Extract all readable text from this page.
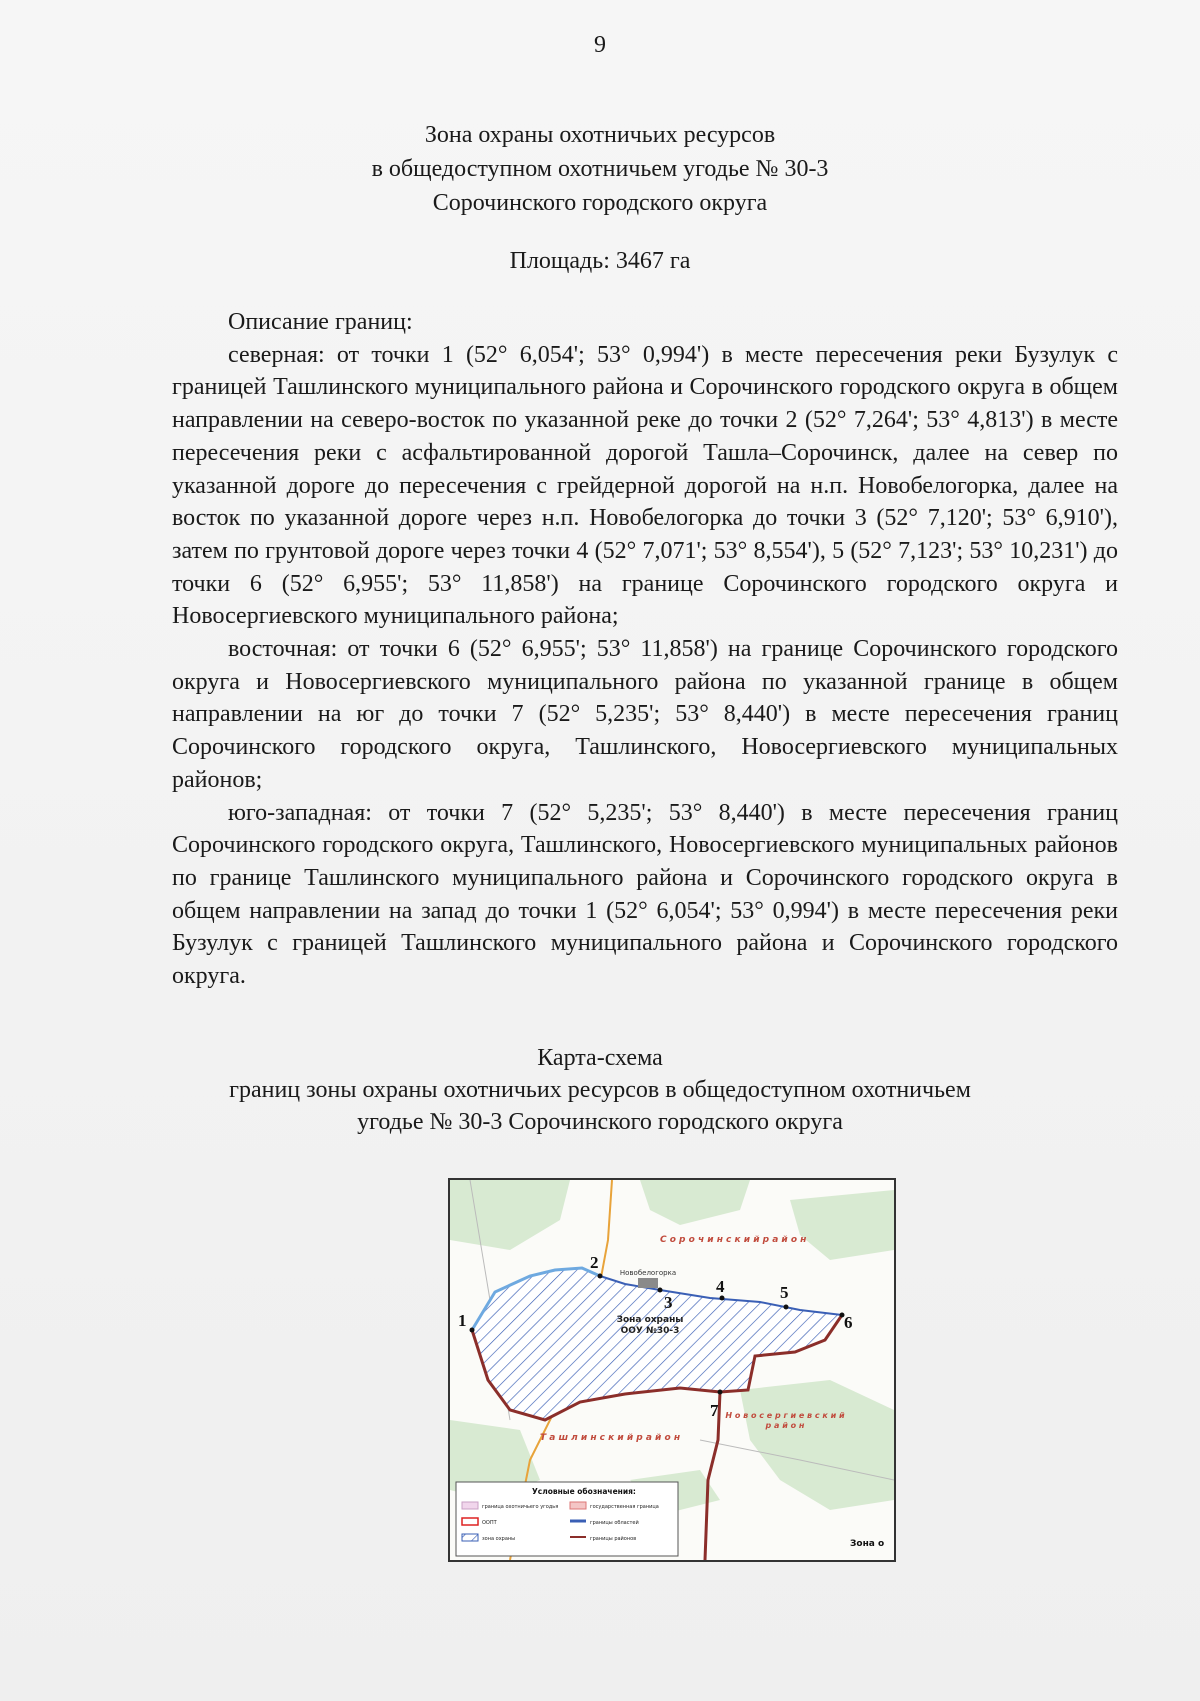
9
Зона охраны охотничьих ресурсов
в общедоступном охотничьем угодье № 30-3
Сорочинского городского округа
Площадь: 3467 га

Описание границ:

северная: от точки 1 (52° 6,054'; 53° 0,994') в месте пересечения реки Бузулук с границей Ташлинского муниципального района и Сорочинского городского округа в общем направлении на северо-восток по указанной реке до точки 2 (52° 7,264'; 53° 4,813') в месте пересечения реки с асфальтированной дорогой Ташла–Сорочинск, далее на север по указанной дороге до пересечения с грейдерной дорогой на н.п. Новобелогорка, далее на восток по указанной дороге через н.п. Новобелогорка до точки 3 (52° 7,120'; 53° 6,910'), затем по грунтовой дороге через точки 4 (52° 7,071'; 53° 8,554'), 5 (52° 7,123'; 53° 10,231') до точки 6 (52° 6,955'; 53° 11,858') на границе Сорочинского городского округа и Новосергиевского муниципального района;

восточная: от точки 6 (52° 6,955'; 53° 11,858') на границе Сорочинского городского округа и Новосергиевского муниципального района по указанной границе в общем направлении на юг до точки 7 (52° 5,235'; 53° 8,440') в месте пересечения границ Сорочинского городского округа, Ташлинского, Новосергиевского муниципальных районов;

юго-западная: от точки 7 (52° 5,235'; 53° 8,440') в месте пересечения границ Сорочинского городского округа, Ташлинского, Новосергиевского муниципальных районов по границе Ташлинского муниципального района и Сорочинского городского округа в общем направлении на запад до точки 1 (52° 6,054'; 53° 0,994') в месте пересечения реки Бузулук с границей Ташлинского муниципального района и Сорочинского городского округа.

Карта-схема
границ зоны охраны охотничьих ресурсов в общедоступном охотничьем
угодье № 30-3 Сорочинского городского округа
Новобелогорка
С о р о ч и н с к и й р а й о н
Т а ш л и н с к и й р а й о н
Н о в о с е р г и е в с к и й
р а й о н
Зона охраны
ООУ №30-3
1
2
3
4	5
6
7
Условные обозначения:
граница охотничьего угодья	государственная граница
ООПТ	границы областей
зона охраны	границы районов	Зона о
